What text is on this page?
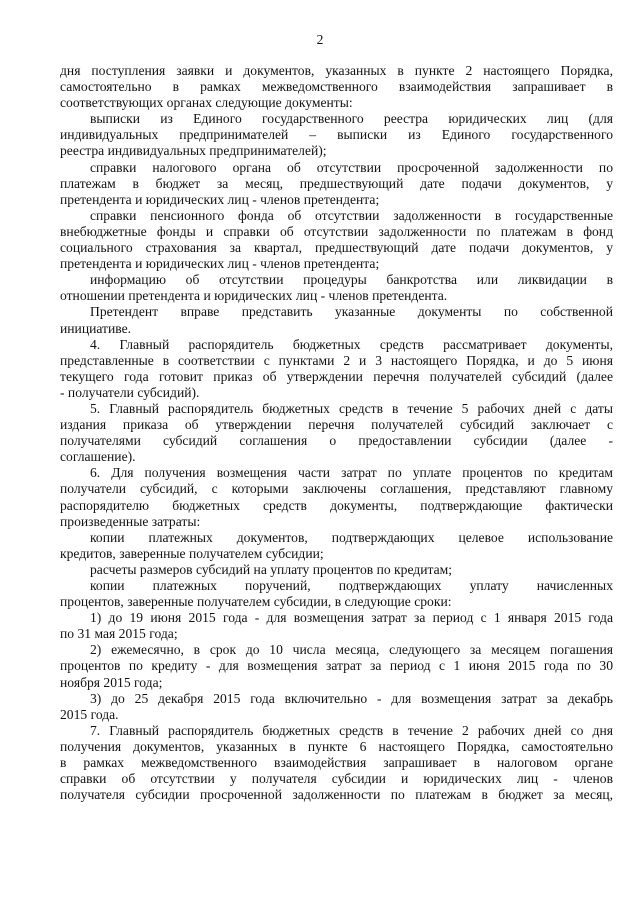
2
дня поступления заявки и документов, указанных в пункте 2 настоящего Порядка,
самостоятельно в рамках межведомственного взаимодействия запрашивает в
соответствующих органах следующие документы:
выписки из Единого государственного реестра юридических лиц (для
индивидуальных предпринимателей – выписки из Единого государственного
реестра индивидуальных предпринимателей);
справки налогового органа об отсутствии просроченной задолженности по
платежам в бюджет за месяц, предшествующий дате подачи документов, у
претендента и юридических лиц - членов претендента;
справки пенсионного фонда об отсутствии задолженности в государственные
внебюджетные фонды и справки об отсутствии задолженности по платежам в фонд
социального страхования за квартал, предшествующий дате подачи документов, у
претендента и юридических лиц - членов претендента;
информацию об отсутствии процедуры банкротства или ликвидации в
отношении претендента и юридических лиц - членов претендента.
Претендент вправе представить указанные документы по собственной
инициативе.
4. Главный распорядитель бюджетных средств рассматривает документы,
представленные в соответствии с пунктами 2 и 3 настоящего Порядка, и до 5 июня
текущего года готовит приказ об утверждении перечня получателей субсидий (далее
- получатели субсидий).
5. Главный распорядитель бюджетных средств в течение 5 рабочих дней с даты
издания приказа об утверждении перечня получателей субсидий заключает с
получателями субсидий соглашения о предоставлении субсидии (далее -
соглашение).
6. Для получения возмещения части затрат по уплате процентов по кредитам
получатели субсидий, с которыми заключены соглашения, представляют главному
распорядителю бюджетных средств документы, подтверждающие фактически
произведенные затраты:
копии платежных документов, подтверждающих целевое использование
кредитов, заверенные получателем субсидии;
расчеты размеров субсидий на уплату процентов по кредитам;
копии платежных поручений, подтверждающих уплату начисленных
процентов, заверенные получателем субсидии, в следующие сроки:
1) до 19 июня 2015 года - для возмещения затрат за период с 1 января 2015 года
по 31 мая 2015 года;
2) ежемесячно, в срок до 10 числа месяца, следующего за месяцем погашения
процентов по кредиту - для возмещения затрат за период с 1 июня 2015 года по 30
ноября 2015 года;
3) до 25 декабря 2015 года включительно - для возмещения затрат за декабрь
2015 года.
7. Главный распорядитель бюджетных средств в течение 2 рабочих дней со дня
получения документов, указанных в пункте 6 настоящего Порядка, самостоятельно
в рамках межведомственного взаимодействия запрашивает в налоговом органе
справки об отсутствии у получателя субсидии и юридических лиц - членов
получателя субсидии просроченной задолженности по платежам в бюджет за месяц,
